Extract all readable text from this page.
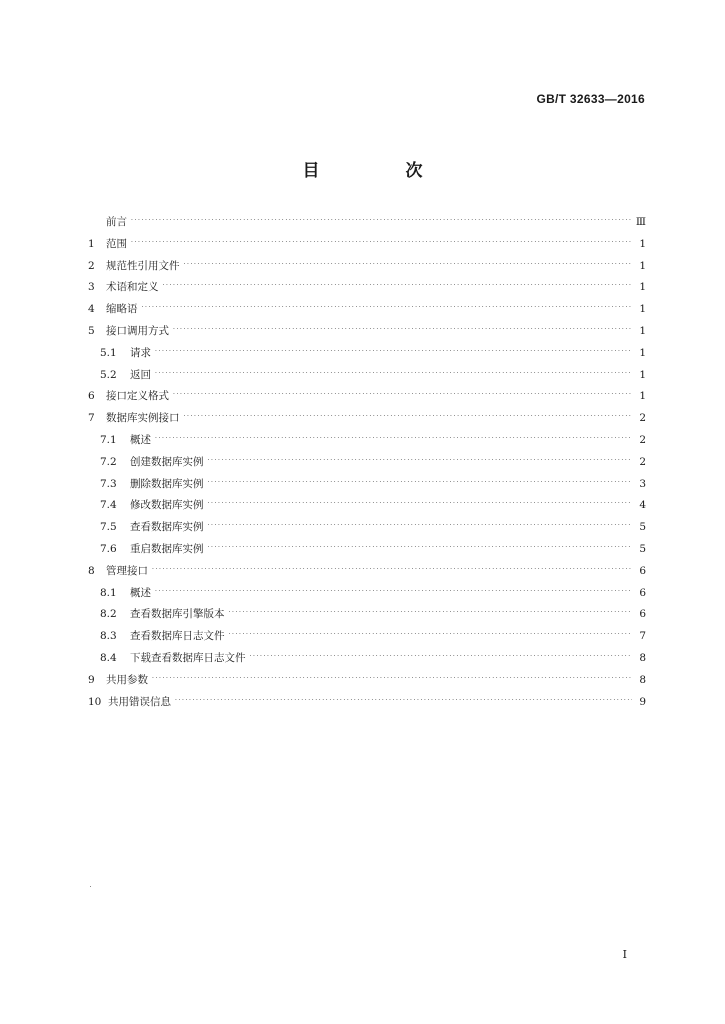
GB/T 32633—2016
目 次
前言 ·····	Ⅲ
1	范围 ·····	1
2	规范性引用文件 ·····	1
3	术语和定义 ·····	1
4	缩略语 ·····	1
5	接口调用方式 ·····	1
5.1	请求 ·····	1
5.2	返回 ·····	1
6	接口定义格式 ·····	1
7	数据库实例接口 ·····	2
7.1	概述 ·····	2
7.2	创建数据库实例 ·····	2
7.3	删除数据库实例 ·····	3
7.4	修改数据库实例 ·····	4
7.5	查看数据库实例 ·····	5
7.6	重启数据库实例 ·····	5
8	管理接口 ·····	6
8.1	概述 ·····	6
8.2	查看数据库引擎版本 ·····	6
8.3	查看数据库日志文件 ·····	7
8.4	下载查看数据库日志文件 ·····	8
9	共用参数 ·····	8
10 共用错误信息 ·····	9
I
